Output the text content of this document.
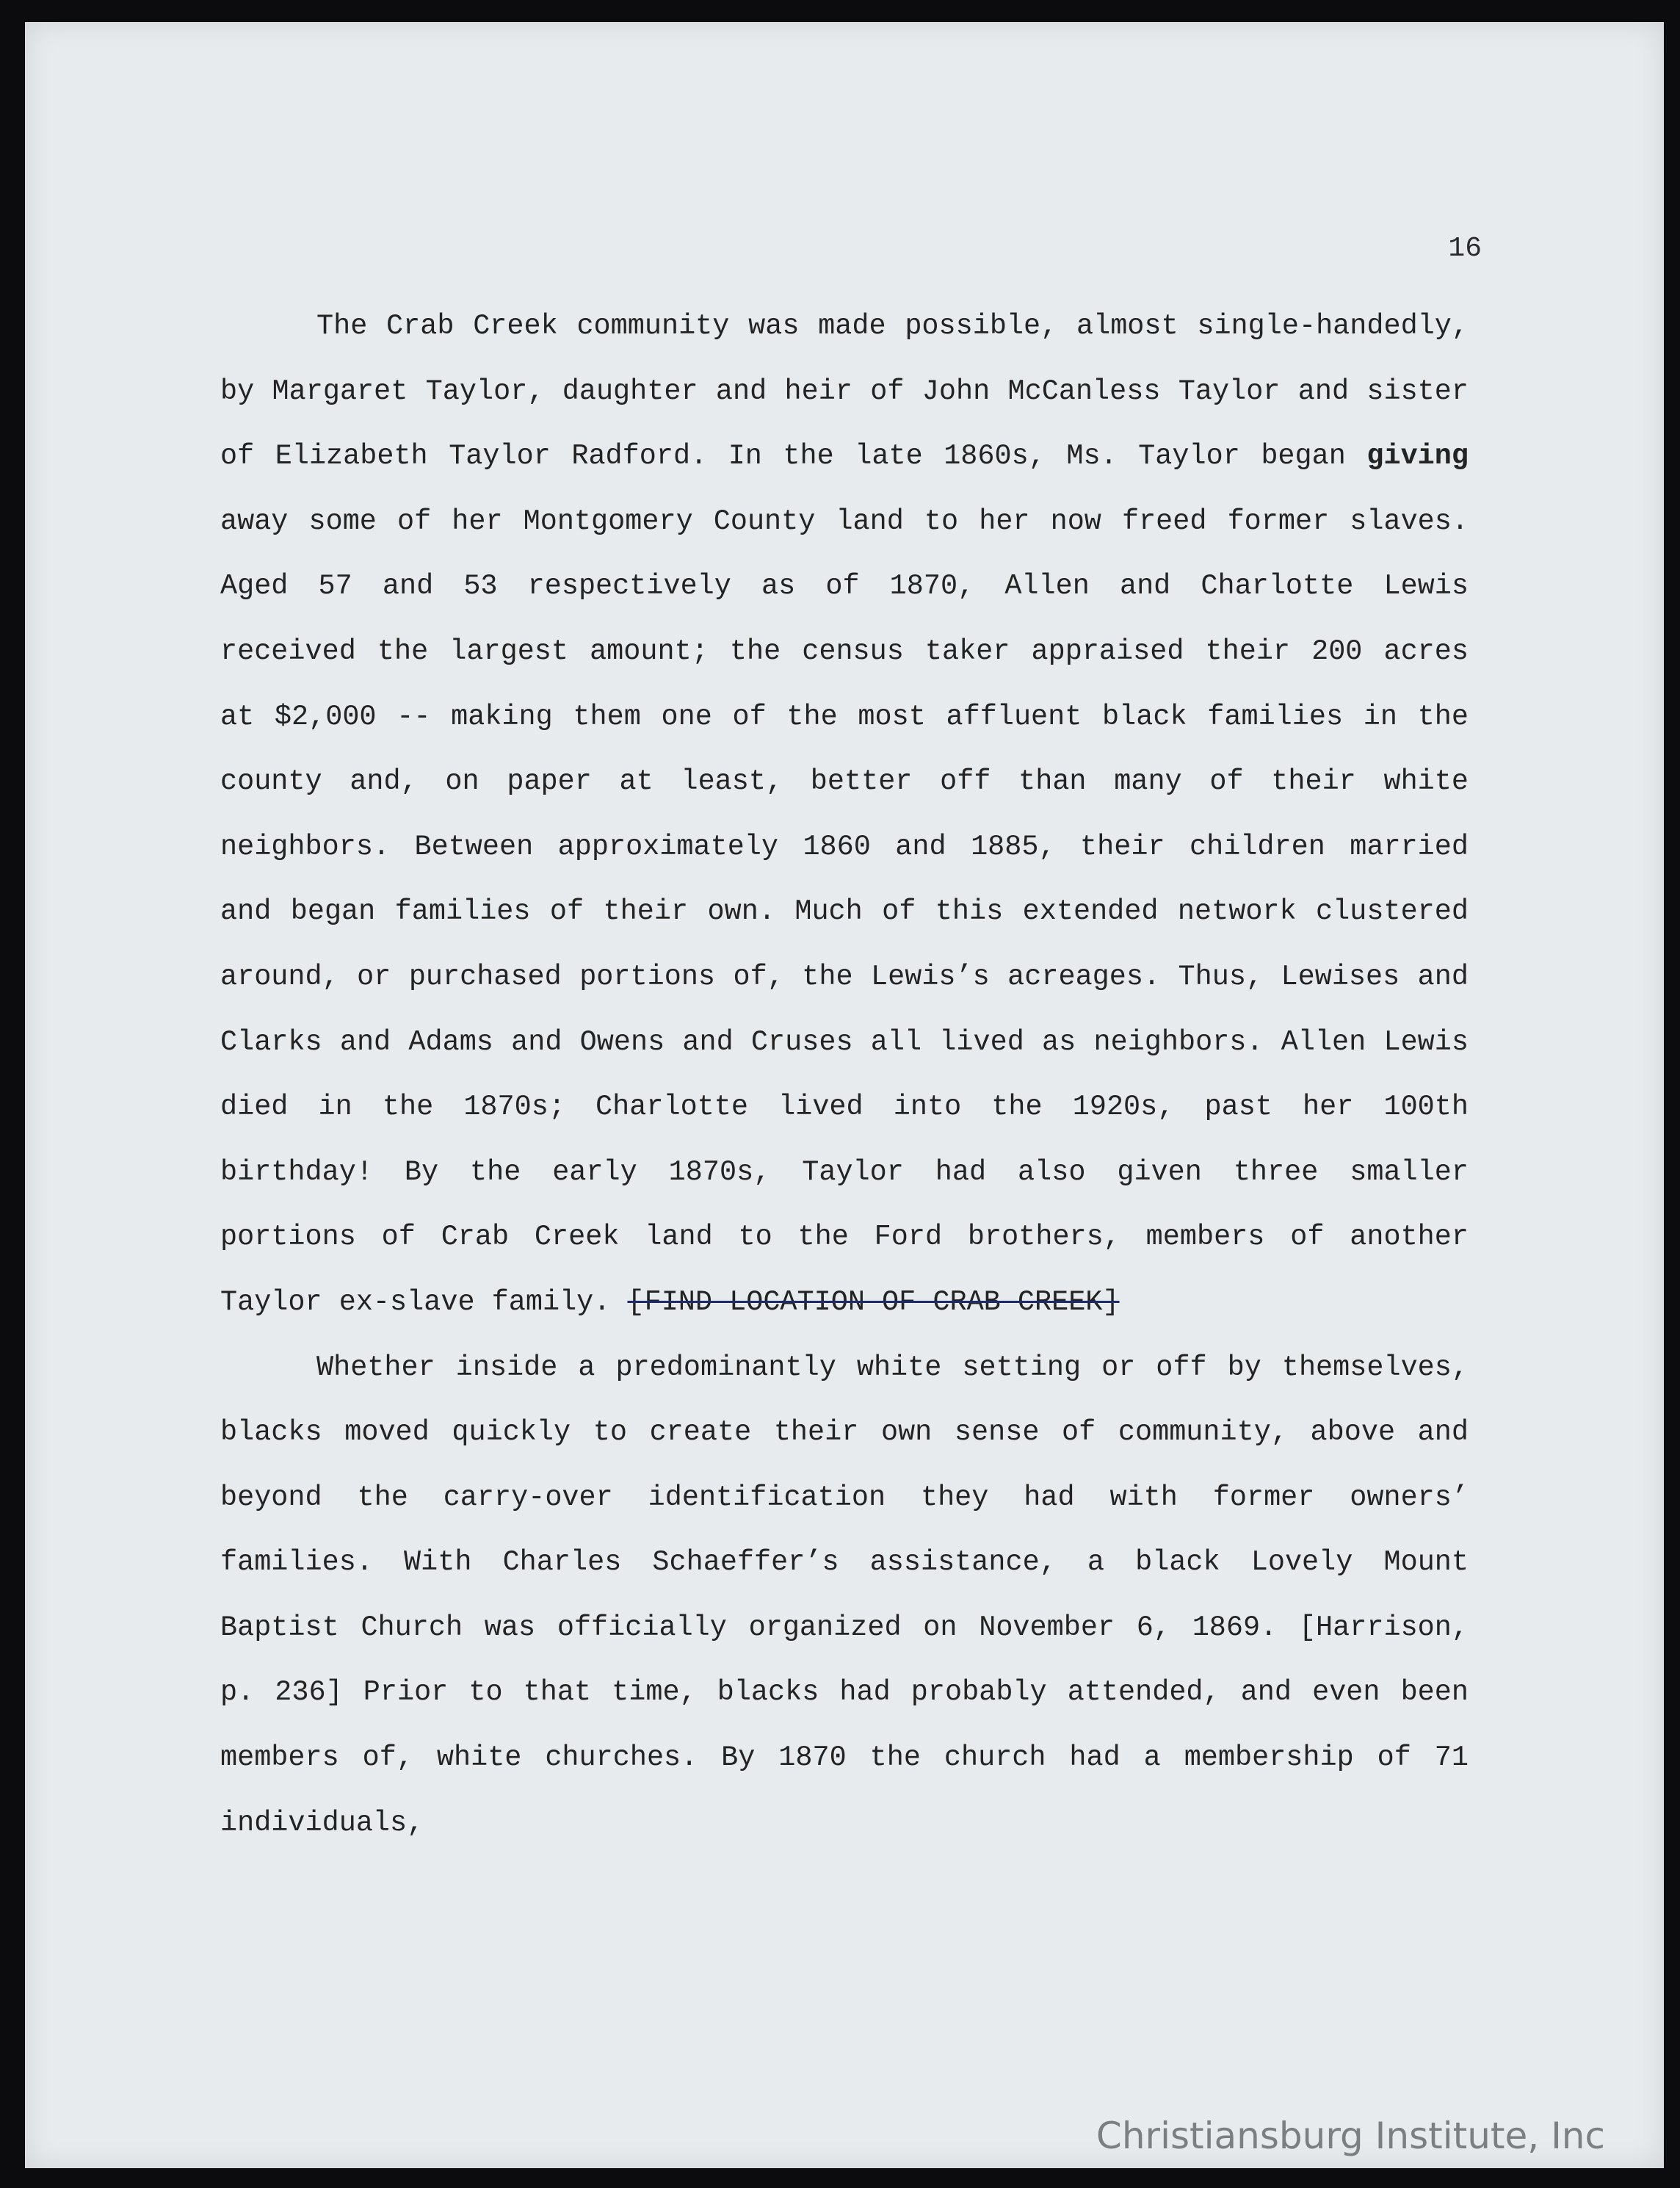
16

The Crab Creek community was made possible, almost single-handedly, by Margaret Taylor, daughter and heir of John McCanless Taylor and sister of Elizabeth Taylor Radford. In the late 1860s, Ms. Taylor began giving away some of her Montgomery County land to her now freed former slaves. Aged 57 and 53 respectively as of 1870, Allen and Charlotte Lewis received the largest amount; the census taker appraised their 200 acres at $2,000 -- making them one of the most affluent black families in the county and, on paper at least, better off than many of their white neighbors. Between approximately 1860 and 1885, their children married and began families of their own. Much of this extended network clustered around, or purchased portions of, the Lewis’s acreages. Thus, Lewises and Clarks and Adams and Owens and Cruses all lived as neighbors. Allen Lewis died in the 1870s; Charlotte lived into the 1920s, past her 100th birthday! By the early 1870s, Taylor had also given three smaller portions of Crab Creek land to the Ford brothers, members of another Taylor ex-slave family. [FIND LOCATION OF CRAB CREEK]

Whether inside a predominantly white setting or off by themselves, blacks moved quickly to create their own sense of community, above and beyond the carry-over identification they had with former owners’ families. With Charles Schaeffer’s assistance, a black Lovely Mount Baptist Church was officially organized on November 6, 1869. [Harrison, p. 236] Prior to that time, blacks had probably attended, and even been members of, white churches. By 1870 the church had a membership of 71 individuals,

Christiansburg Institute, Inc
